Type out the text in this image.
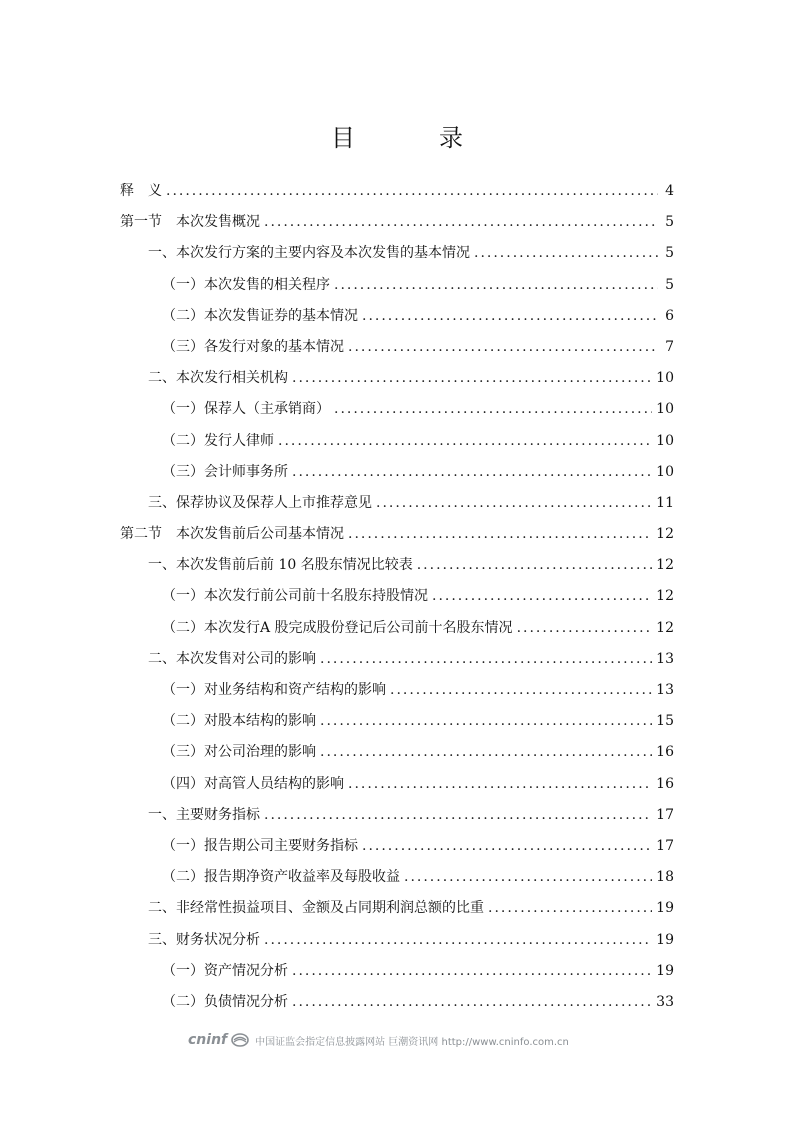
目　录
释　义 .....	4
第一节　本次发售概况 .....	5
一、本次发行方案的主要内容及本次发售的基本情况 .....	5
（一）本次发售的相关程序 .....	5
（二）本次发售证券的基本情况 .....	6
（三）各发行对象的基本情况 .....	7
二、本次发行相关机构 .....	10
（一）保荐人（主承销商） .....	10
（二）发行人律师 .....	10
（三）会计师事务所 .....	10
三、保荐协议及保荐人上市推荐意见 .....	11
第二节　本次发售前后公司基本情况 .....	12
一、本次发售前后前 10 名股东情况比较表 .....	12
（一）本次发行前公司前十名股东持股情况 .....	12
（二）本次发行A 股完成股份登记后公司前十名股东情况 .....	12
二、本次发售对公司的影响 .....	13
（一）对业务结构和资产结构的影响 .....	13
（二）对股本结构的影响 .....	15
（三）对公司治理的影响 .....	16
（四）对高管人员结构的影响 .....	16
一、主要财务指标 .....	17
（一）报告期公司主要财务指标 .....	17
（二）报告期净资产收益率及每股收益 .....	18
二、非经常性损益项目、金额及占同期利润总额的比重 .....	19
三、财务状况分析 .....	19
（一）资产情况分析 .....	19
（二）负债情况分析 .....	33
cninf	中国证监会指定信息披露网站 巨潮资讯网 http://www.cninfo.com.cn
